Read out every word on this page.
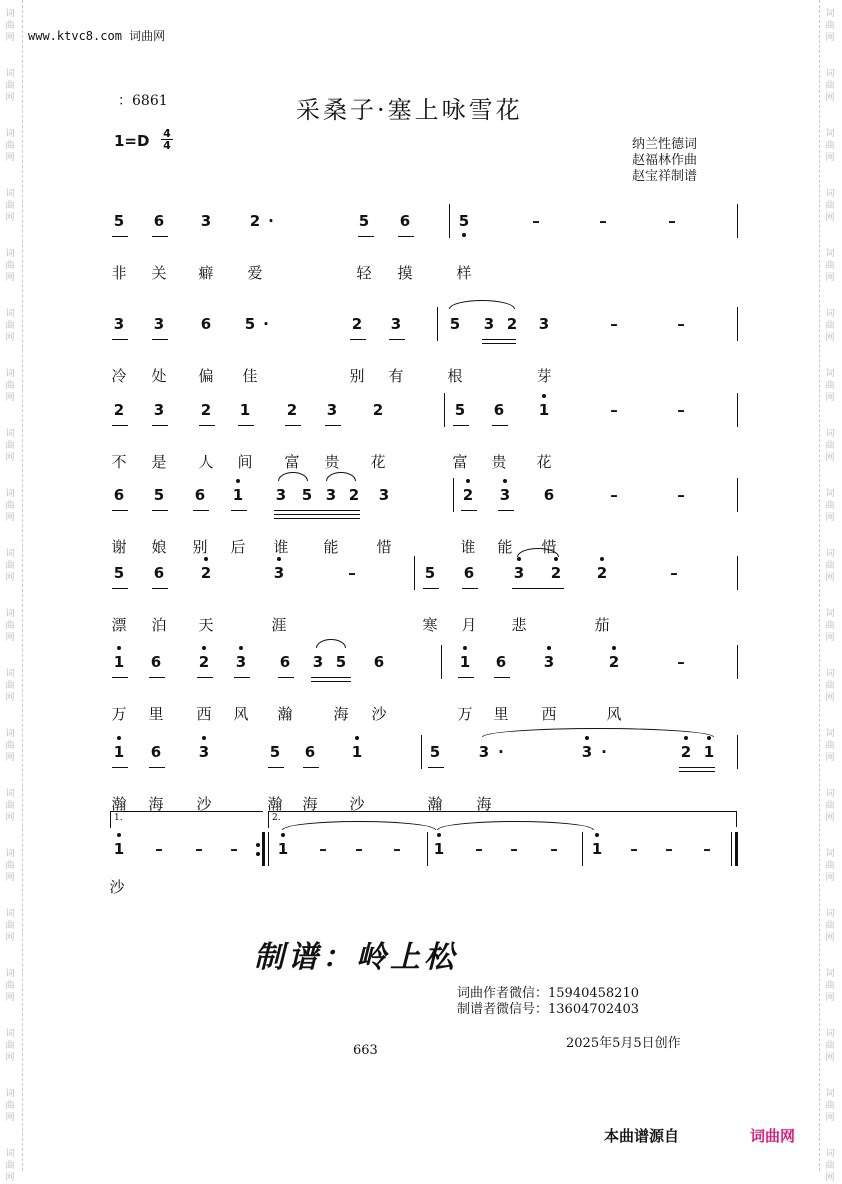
词
曲
网
词
曲
网
词
曲
网
词
曲
网
词
曲
网
词
曲
网
词
曲
网
词
曲
网
词
曲
网
词
曲
网
词
曲
网
词
曲
网
词
曲
网
词
曲
网
词
曲
网
词
曲
网
词
曲
网
词
曲
网
词
曲
网
词
曲
网
词
曲
网
词
曲
网
词
曲
网
词
曲
网
词
曲
网
词
曲
网
词
曲
网
词
曲
网
词
曲
网
词
曲
网
词
曲
网
词
曲
网
词
曲
网
词
曲
网
词
曲
网
词
曲
网
词
曲
网
词
曲
网
词
曲
网
词
曲
网
www.ktvc8.com 词曲网
：6861	采桑子·塞上咏雪花
$1=D \frac{4}{4}$	纳兰性德词
赵福林作曲
赵宝祥制谱
5 6 3	2 ·	5 6	5	–	–	–
非 关 癖 爱	轻 摸	样
3 3 6 5 ·	2 3	5 3 2 3	–	–
冷 处 偏 佳	别 有	根	芽
2 3 2 1 2 3 2	5 6 1	–	–
不 是 人 间 富 贵 花	富 贵 花
6 5 6 1 3 5 3 2 3	2 3 6	–	–
谢 娘 别 后 谁 能	惜	谁 能 惜
5 6 2	3	–	5 6	3 2 2	–
漂 泊 天	涯	寒 月 悲	茄
1 6	2 3 6 3 5 6	1 6	3	2	–
万 里 西 风 瀚	海 沙	万 里 西	风
1 6	3	5 6 1	5	3 ·	3 ·	2 1
瀚 海 沙	瀚 海 沙	瀚 海
1.	2.
1	–	–	–	1	–	–	–	1	–	–	–	1	–	–	–
沙
制谱：岭上松
词曲作者微信：15940458210
制谱者微信号：13604702403
2025年5月5日创作
663
本曲谱源自	词曲网
